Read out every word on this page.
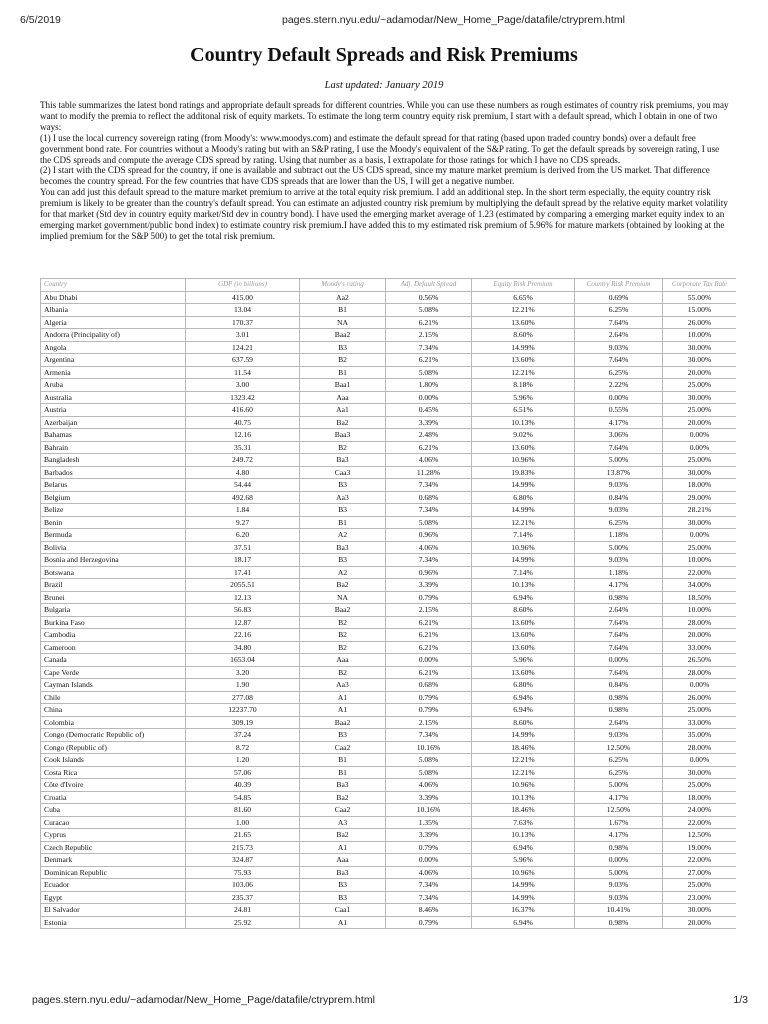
6/5/2019	pages.stern.nyu.edu/~adamodar/New_Home_Page/datafile/ctryprem.html
Country Default Spreads and Risk Premiums
Last updated: January 2019

This table summarizes the latest bond ratings and appropriate default spreads for different countries. While you can use these numbers as rough estimates of country risk premiums, you may want to modify the premia to reflect the additonal risk of equity markets. To estimate the long term country equity risk premium, I start with a default spread, which I obtain in one of two ways:

(1) I use the local currency sovereign rating (from Moody's: www.moodys.com) and estimate the default spread for that rating (based upon traded country bonds) over a default free government bond rate. For countries without a Moody's rating but with an S&P rating, I use the Moody's equivalent of the S&P rating. To get the default spreads by sovereign rating, I use the CDS spreads and compute the average CDS spread by rating. Using that number as a basis, I extrapolate for those ratings for which I have no CDS spreads.

(2) I start with the CDS spread for the country, if one is available and subtract out the US CDS spread, since my mature market premium is derived from the US market. That difference becomes the country spread. For the few countries that have CDS spreads that are lower than the US, I will get a negative number.

You can add just this default spread to the mature market premium to arrive at the total equity risk premium. I add an additional step. In the short term especially, the equity country risk premium is likely to be greater than the country's default spread. You can estimate an adjusted country risk premium by multiplying the default spread by the relative equity market volatility for that market (Std dev in country equity market/Std dev in country bond). I have used the emerging market average of 1.23 (estimated by comparing a emerging market equity index to an emerging market government/public bond index) to estimate country risk premium.I have added this to my estimated risk premium of 5.96% for mature markets (obtained by looking at the implied premium for the S&P 500) to get the total risk premium.

Country	GDP (in billions)	Moody's rating	Adj. Default Spread	Equity Risk Premium	Country Risk Premium	Corporate Tax Rate
Abu Dhabi	415.00	Aa2	0.56%	6.65%	0.69%	55.00%
Albania	13.04	B1	5.08%	12.21%	6.25%	15.00%
Algeria	170.37	NA	6.21%	13.60%	7.64%	26.00%
Andorra (Principality of)	3.01	Baa2	2.15%	8.60%	2.64%	10.00%
Angola	124.21	B3	7.34%	14.99%	9.03%	30.00%
Argentina	637.59	B2	6.21%	13.60%	7.64%	30.00%
Armenia	11.54	B1	5.08%	12.21%	6.25%	20.00%
Aruba	3.00	Baa1	1.80%	8.18%	2.22%	25.00%
Australia	1323.42	Aaa	0.00%	5.96%	0.00%	30.00%
Austria	416.60	Aa1	0.45%	6.51%	0.55%	25.00%
Azerbaijan	40.75	Ba2	3.39%	10.13%	4.17%	20.00%
Bahamas	12.16	Baa3	2.48%	9.02%	3.06%	0.00%
Bahrain	35.31	B2	6.21%	13.60%	7.64%	0.00%
Bangladesh	249.72	Ba3	4.06%	10.96%	5.00%	25.00%
Barbados	4.80	Caa3	11.28%	19.83%	13.87%	30.00%
Belarus	54.44	B3	7.34%	14.99%	9.03%	18.00%
Belgium	492.68	Aa3	0.68%	6.80%	0.84%	29.00%
Belize	1.84	B3	7.34%	14.99%	9.03%	28.21%
Benin	9.27	B1	5.08%	12.21%	6.25%	30.00%
Bermuda	6.20	A2	0.96%	7.14%	1.18%	0.00%
Bolivia	37.51	Ba3	4.06%	10.96%	5.00%	25.00%
Bosnia and Herzegovina	18.17	B3	7.34%	14.99%	9.03%	10.00%
Botswana	17.41	A2	0.96%	7.14%	1.18%	22.00%
Brazil	2055.51	Ba2	3.39%	10.13%	4.17%	34.00%
Brunei	12.13	NA	0.79%	6.94%	0.98%	18.50%
Bulgaria	56.83	Baa2	2.15%	8.60%	2.64%	10.00%
Burkina Faso	12.87	B2	6.21%	13.60%	7.64%	28.00%
Cambodia	22.16	B2	6.21%	13.60%	7.64%	20.00%
Cameroon	34.80	B2	6.21%	13.60%	7.64%	33.00%
Canada	1653.04	Aaa	0.00%	5.96%	0.00%	26.50%
Cape Verde	3.20	B2	6.21%	13.60%	7.64%	28.00%
Cayman Islands	1.90	Aa3	0.68%	6.80%	0.84%	0.00%
Chile	277.08	A1	0.79%	6.94%	0.98%	26.00%
China	12237.70	A1	0.79%	6.94%	0.98%	25.00%
Colombia	309.19	Baa2	2.15%	8.60%	2.64%	33.00%
Congo (Democratic Republic of)	37.24	B3	7.34%	14.99%	9.03%	35.00%
Congo (Republic of)	8.72	Caa2	10.16%	18.46%	12.50%	28.00%
Cook Islands	1.20	B1	5.08%	12.21%	6.25%	0.00%
Costa Rica	57.06	B1	5.08%	12.21%	6.25%	30.00%
Côte d'Ivoire	40.39	Ba3	4.06%	10.96%	5.00%	25.00%
Croatia	54.85	Ba2	3.39%	10.13%	4.17%	18.00%
Cuba	81.60	Caa2	10.16%	18.46%	12.50%	24.00%
Curacao	1.00	A3	1.35%	7.63%	1.67%	22.00%
Cyprus	21.65	Ba2	3.39%	10.13%	4.17%	12.50%
Czech Republic	215.73	A1	0.79%	6.94%	0.98%	19.00%
Denmark	324.87	Aaa	0.00%	5.96%	0.00%	22.00%
Dominican Republic	75.93	Ba3	4.06%	10.96%	5.00%	27.00%
Ecuador	103.06	B3	7.34%	14.99%	9.03%	25.00%
Egypt	235.37	B3	7.34%	14.99%	9.03%	23.00%
El Salvador	24.81	Caa1	8.46%	16.37%	10.41%	30.00%
Estonia	25.92	A1	0.79%	6.94%	0.98%	20.00%
pages.stern.nyu.edu/~adamodar/New_Home_Page/datafile/ctryprem.html	1/3
